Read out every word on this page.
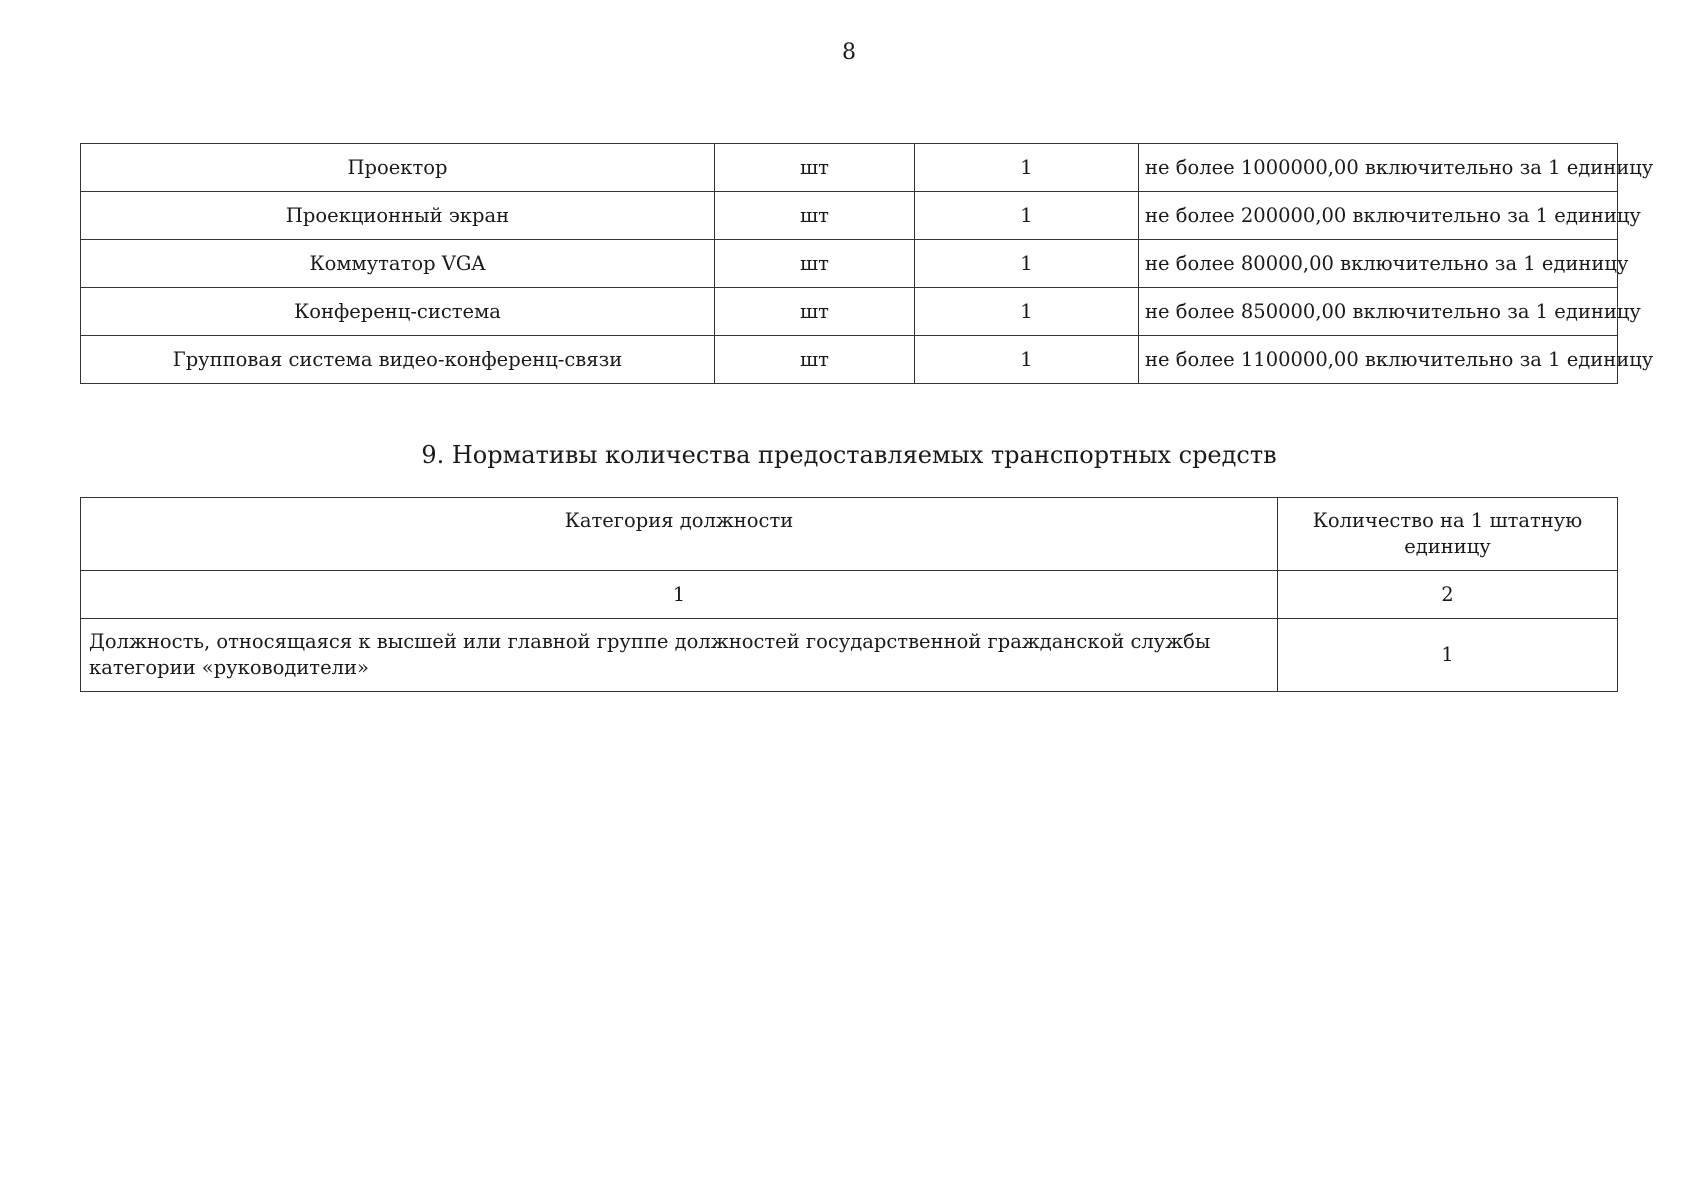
8
Проектор	шт	1	не более 1000000,00 включительно за 1 единицу
Проекционный экран	шт	1	не более 200000,00 включительно за 1 единицу
Коммутатор VGA	шт	1	не более 80000,00 включительно за 1 единицу
Конференц-система	шт	1	не более 850000,00 включительно за 1 единицу
Групповая система видео-конференц-связи	шт	1	не более 1100000,00 включительно за 1 единицу
9. Нормативы количества предоставляемых транспортных средств
Категория должности	Количество на 1 штатную единицу
1	2
Должность, относящаяся к высшей или главной группе должностей государственной гражданской службы категории «руководители»	1
